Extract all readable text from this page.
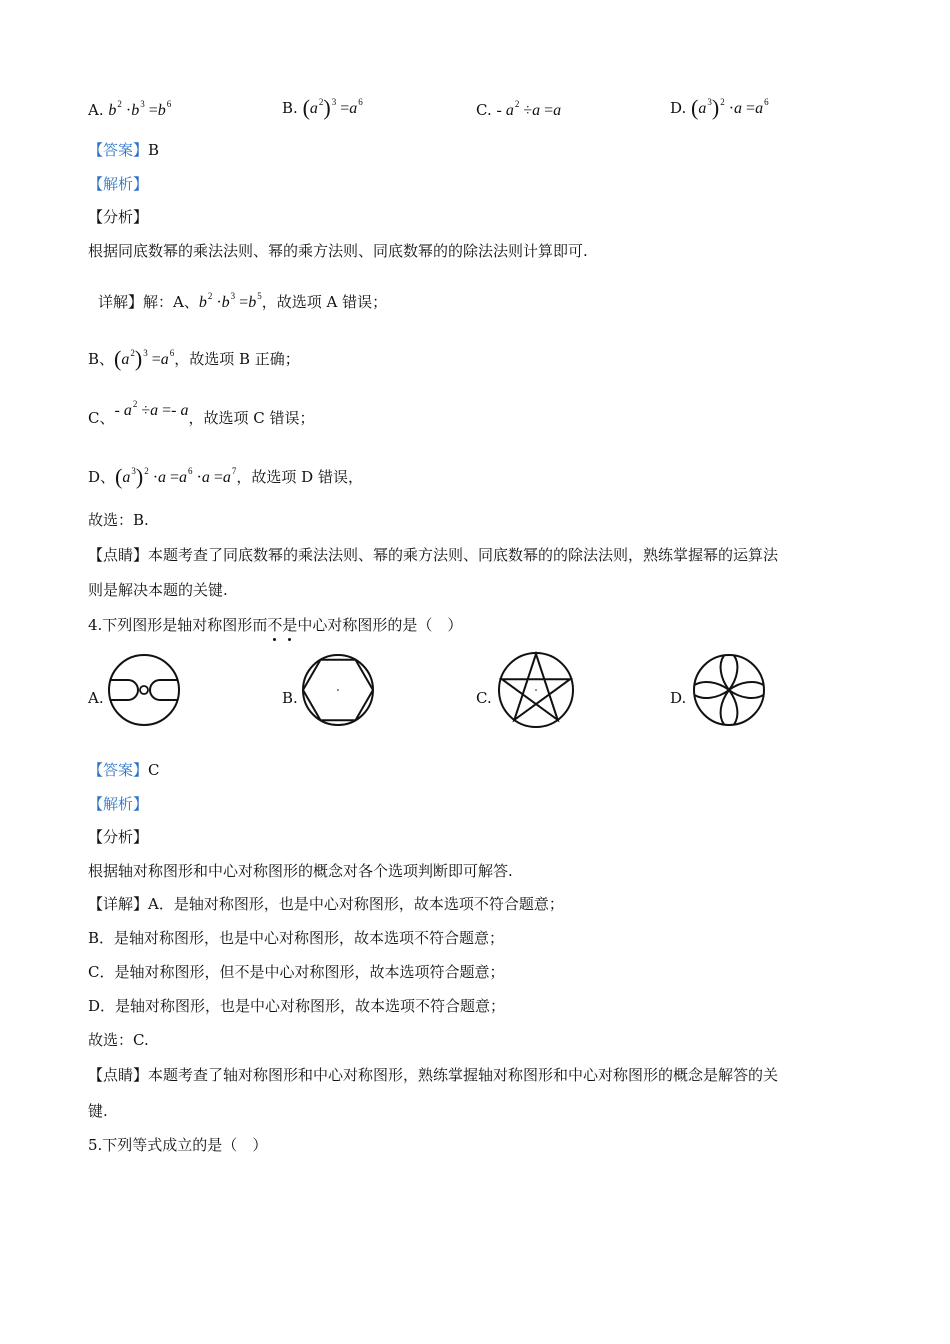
A. $b^2 \cdot b^3 =b^6$	B. $(a^2)^3 =a^6$	C. - $a^2 \div a =a$	D. $(a^3)^2 \cdot a =a^6$
【答案】B
【解析】
【分析】
根据同底数幂的乘法法则、幂的乘方法则、同底数幂的的除法法则计算即可.
详解】解：A、$b^2 \cdot b^3 =b^5$，故选项 A 错误；
B、$(a^2)^3 =a^6$，故选项 B 正确；
C、- $a^2 \div a =- a$，故选项 C 错误；
D、$(a^3)^2 \cdot a =a^6 \cdot a =a^7$，故选项 D 错误，
故选：B.
【点睛】本题考查了同底数幂的乘法法则、幂的乘方法则、同底数幂的的除法法则，熟练掌握幂的运算法
则是解决本题的关键.
4.下列图形是轴对称图形而不是中心对称图形的是（　）
A.	B.	C.	D.
【答案】C
【解析】
【分析】
根据轴对称图形和中心对称图形的概念对各个选项判断即可解答.
【详解】A．是轴对称图形，也是中心对称图形，故本选项不符合题意；
B．是轴对称图形，也是中心对称图形，故本选项不符合题意；
C．是轴对称图形，但不是中心对称图形，故本选项符合题意；
D．是轴对称图形，也是中心对称图形，故本选项不符合题意；
故选：C.
【点睛】本题考查了轴对称图形和中心对称图形，熟练掌握轴对称图形和中心对称图形的概念是解答的关
键.
5.下列等式成立的是（　）
